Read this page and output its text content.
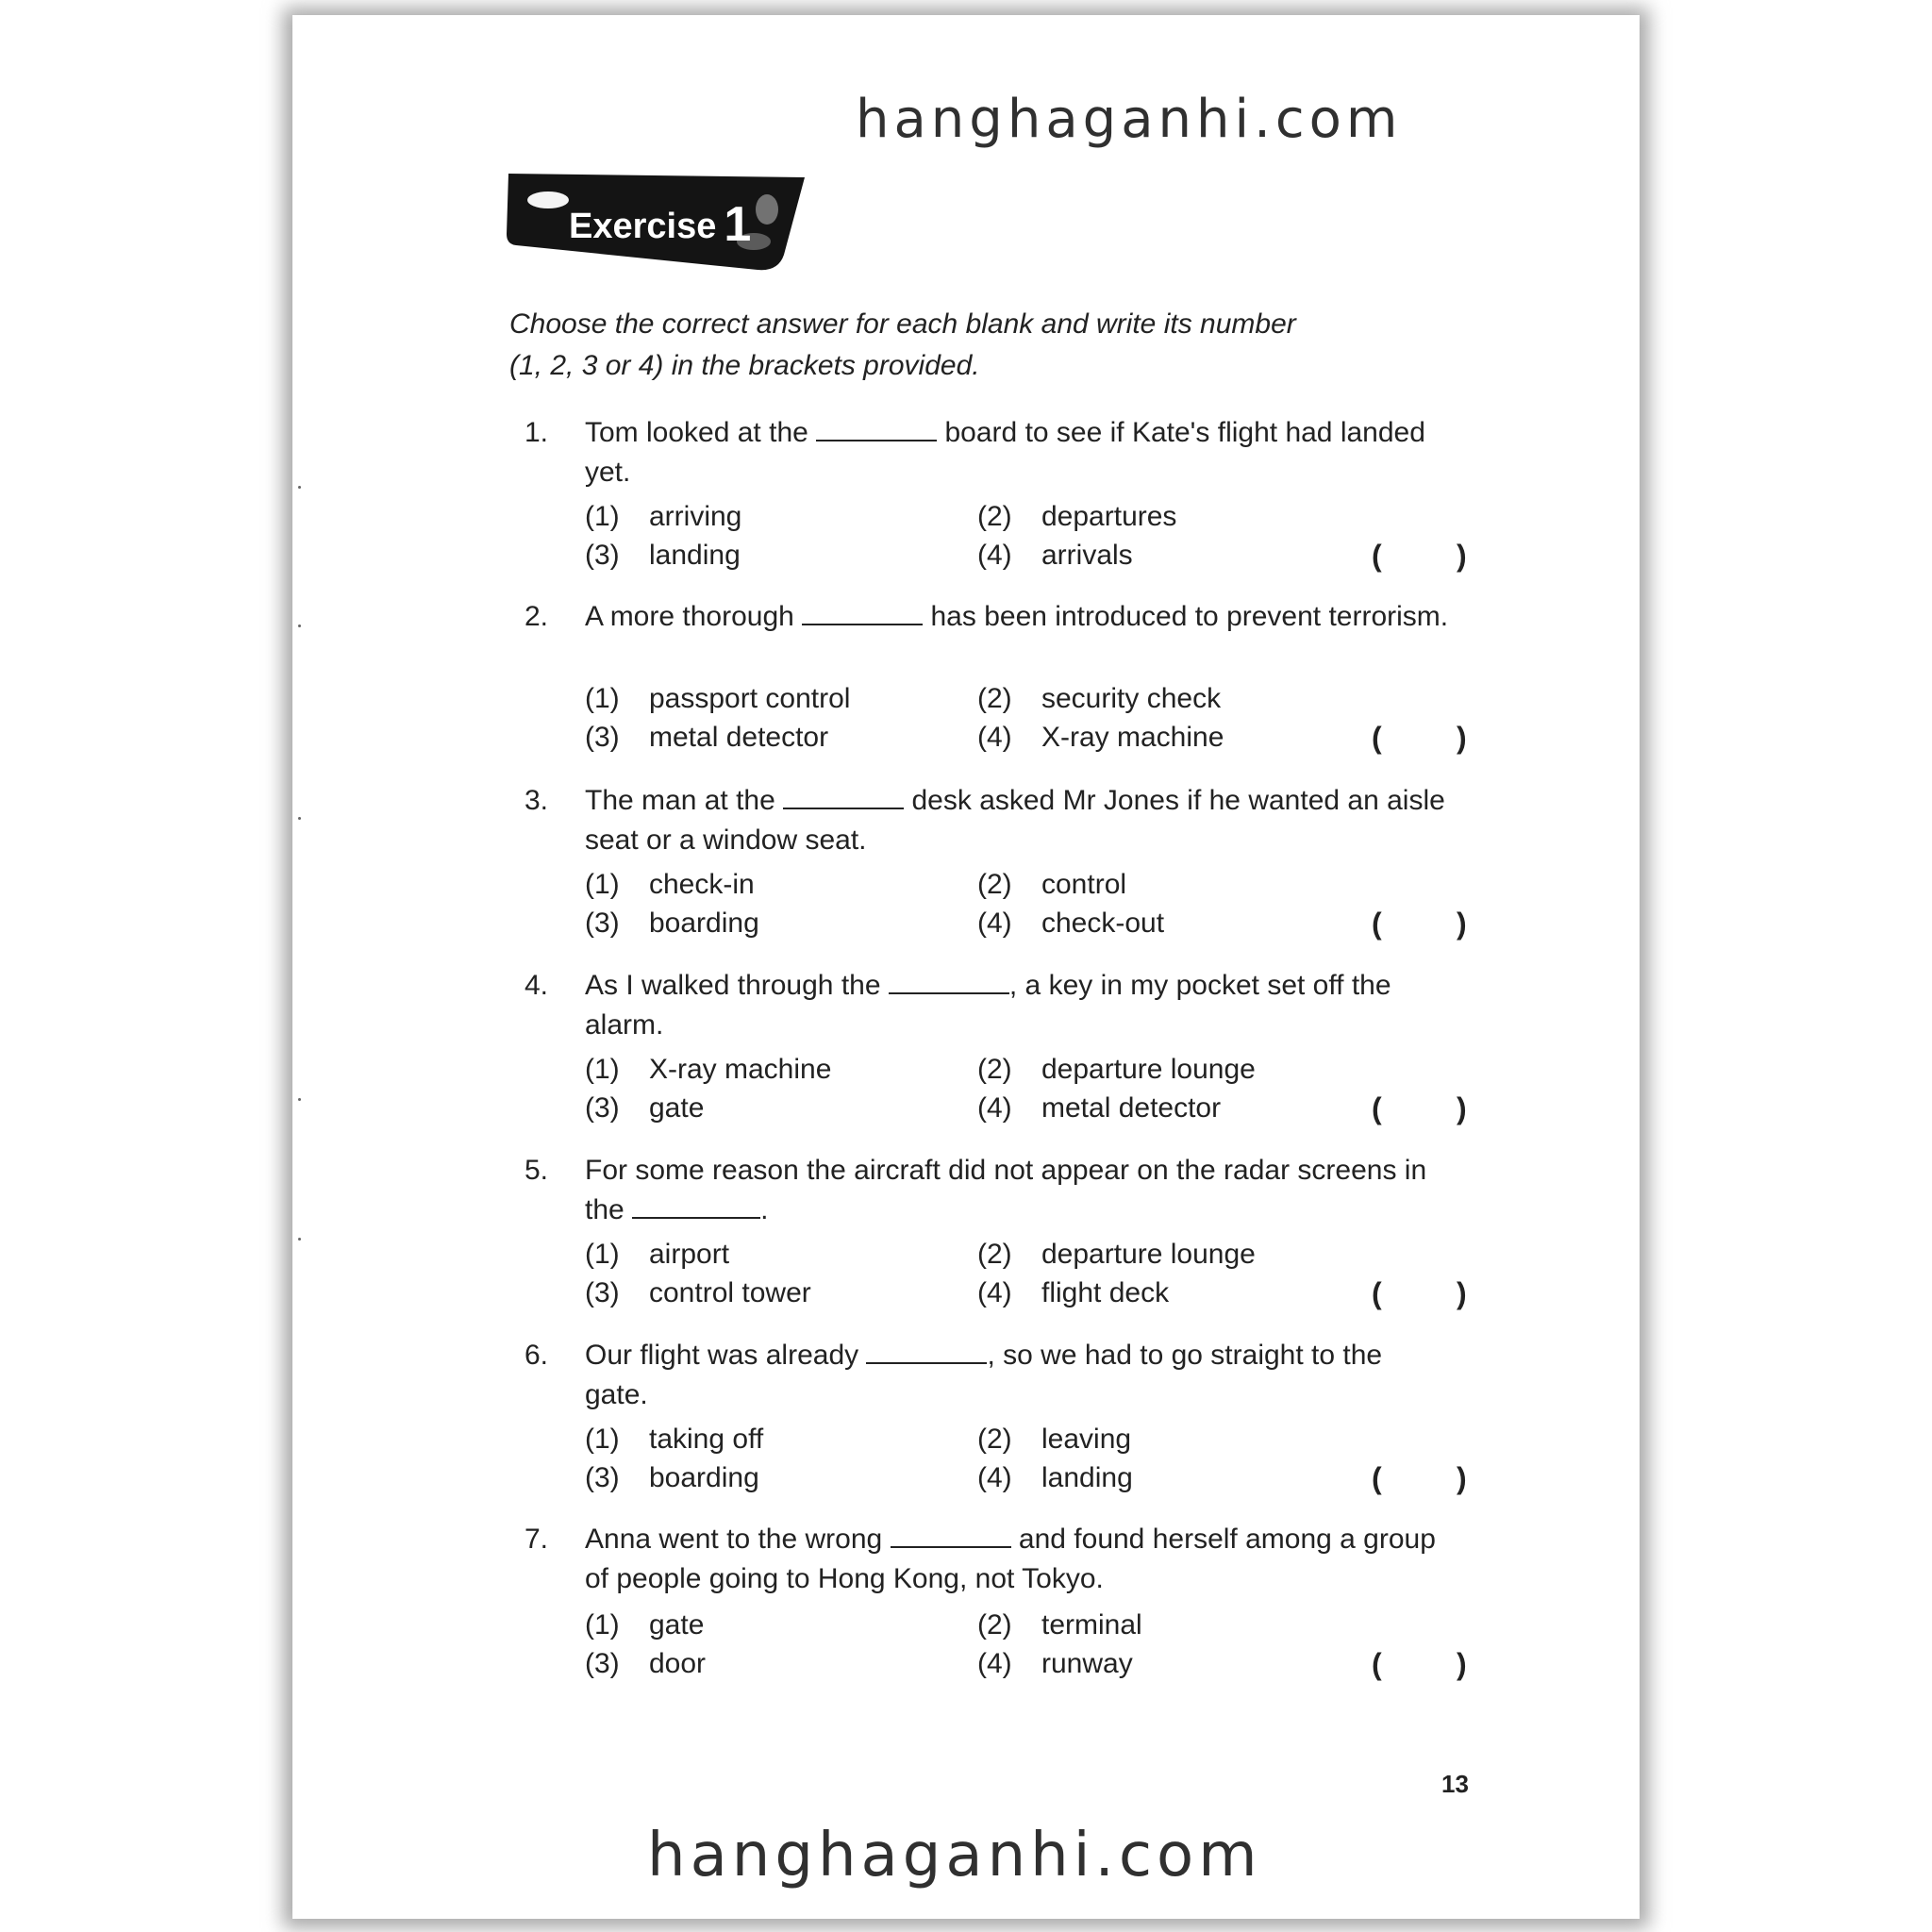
hanghaganhi.com
Exercise 1
Choose the correct answer for each blank and write its number
(1, 2, 3 or 4) in the brackets provided.
1. Tom looked at the	board to see if Kate's flight had landed yet.
(1) arriving	(2) departures
(3) landing	(4) arrivals	( )
2. A more thorough	has been introduced to prevent terrorism.
(1) passport control	(2) security check
(3) metal detector	(4) X-ray machine	( )
3. The man at the	desk asked Mr Jones if he wanted an aisle seat or a window seat.
(1) check-in	(2) control
(3) boarding	(4) check-out	( )
4. As I walked through the	, a key in my pocket set off the alarm.
(1) X-ray machine	(2) departure lounge
(3) gate	(4) metal detector	( )
5. For some reason the aircraft did not appear on the radar screens in the	.
(1) airport	(2) departure lounge
(3) control tower	(4) flight deck	( )
6. Our flight was already	, so we had to go straight to the gate.
(1) taking off	(2) leaving
(3) boarding	(4) landing	( )
7. Anna went to the wrong	and found herself among a group of people going to Hong Kong, not Tokyo.
(1) gate	(2) terminal
(3) door	(4) runway	( )
13
hanghaganhi.com
